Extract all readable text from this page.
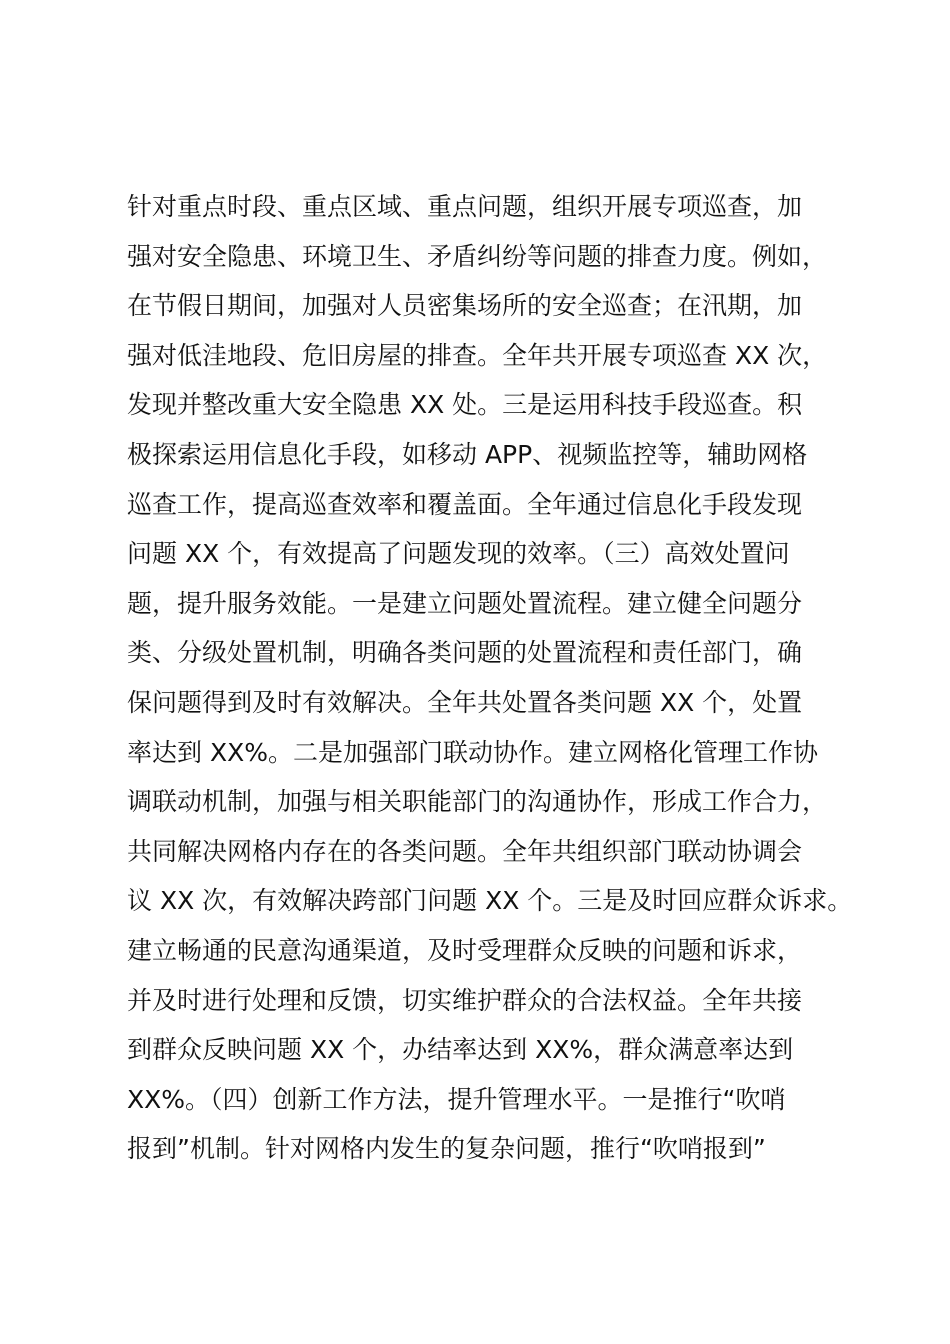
针对重点时段、重点区域、重点问题，组织开展专项巡查，加
强对安全隐患、环境卫生、矛盾纠纷等问题的排查力度。例如，
在节假日期间，加强对人员密集场所的安全巡查；在汛期，加
强对低洼地段、危旧房屋的排查。全年共开展专项巡查 XX 次，
发现并整改重大安全隐患 XX 处。三是运用科技手段巡查。积
极探索运用信息化手段，如移动 APP、视频监控等，辅助网格
巡查工作，提高巡查效率和覆盖面。全年通过信息化手段发现
问题 XX 个，有效提高了问题发现的效率。（三）高效处置问
题，提升服务效能。一是建立问题处置流程。建立健全问题分
类、分级处置机制，明确各类问题的处置流程和责任部门，确
保问题得到及时有效解决。全年共处置各类问题 XX 个，处置
率达到 XX%。二是加强部门联动协作。建立网格化管理工作协
调联动机制，加强与相关职能部门的沟通协作，形成工作合力，
共同解决网格内存在的各类问题。全年共组织部门联动协调会
议 XX 次，有效解决跨部门问题 XX 个。三是及时回应群众诉求。
建立畅通的民意沟通渠道，及时受理群众反映的问题和诉求，
并及时进行处理和反馈，切实维护群众的合法权益。全年共接
到群众反映问题 XX 个，办结率达到 XX%，群众满意率达到
XX%。（四）创新工作方法，提升管理水平。一是推行“吹哨
报到”机制。针对网格内发生的复杂问题，推行“吹哨报到”
